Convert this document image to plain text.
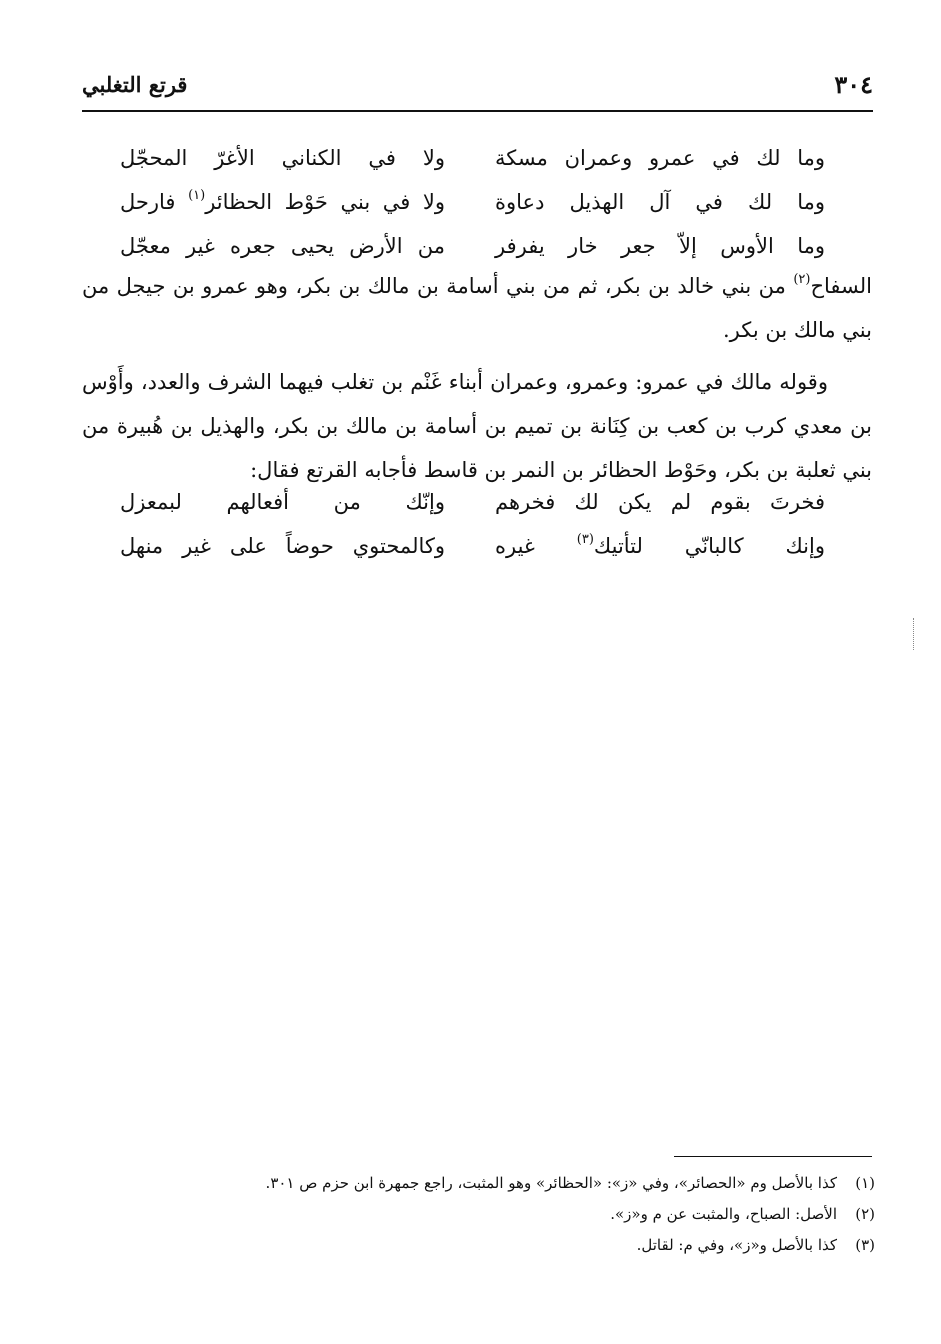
٣٠٤
قرتع التغلبي
وما لك في عمرو وعمران مسكة
ولا في الكناني الأغرّ المحجّل
وما لك في آل الهذيل دعاوة
ولا في بني حَوْط الحظائر$^{(١)}$ فارحل
وما الأوس إلاّ جعر خار يفرفر
من الأرض يحيى جعره غير معجّل

السفاح$^{(٢)}$ من بني خالد بن بكر، ثم من بني أسامة بن مالك بن بكر، وهو عمرو بن جيجل من بني مالك بن بكر.

وقوله مالك في عمرو: وعمرو، وعمران أبناء غَنْم بن تغلب فيهما الشرف والعدد، وأَوْس بن معدي كرب بن كعب بن كِنَانة بن تميم بن أسامة بن مالك بن بكر، والهذيل بن هُبيرة من بني ثعلبة بن بكر، وحَوْط الحظائر بن النمر بن قاسط فأجابه القرتع فقال:

فخرتَ بقوم لم يكن لك فخرهم
وإنّك من أفعالهم لبمعزل
وإنك كالبانّي لتأتيك$^{(٣)}$ غيره
وكالمحتوي حوضاً على غير منهل
(١)
كذا بالأصل وم «الحصائر»، وفي «ز»: «الحظائر» وهو المثبت، راجع جمهرة ابن حزم ص ٣٠١.
(٢)
الأصل: الصباح، والمثبت عن م و«ز».
(٣)
كذا بالأصل و«ز»، وفي م: لقاتل.
